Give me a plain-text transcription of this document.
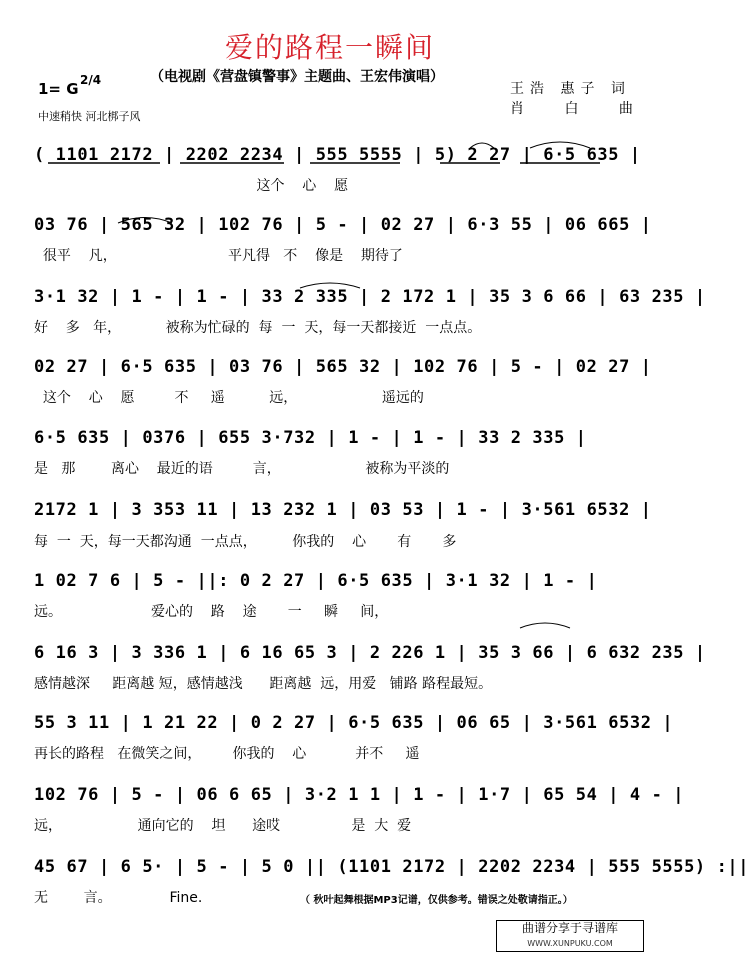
爱的路程一瞬间
（电视剧《营盘镇警事》主题曲、王宏伟演唱）
王浩 惠子 词
肖 白 曲
1= G 2/4
中速稍快 河北梆子风
( 1101 2172 | 2202 2234 | 555 5555 | 5) 2 27 | 6·5 635 |
这个    心    愿
03 76 | 565 32 | 102 76 | 5 - | 02 27 | 6·3 55 | 06 665 |
很平    凡，                         平凡得   不    像是    期待了
3·1 32 | 1 - | 1 - | 33 2 335 | 2 172 1 | 35 3 6 66 | 63 235 |
好    多   年，          被称为忙碌的  每  一  天，每一天都接近  一点点。
02 27 | 6·5 635 | 03 76 | 565 32 | 102 76 | 5 - | 02 27 |
这个    心    愿         不     遥          远，                   遥远的
6·5 635 | 0376 | 655 3·732 | 1 - | 1 - | 33 2 335 |
是   那        离心    最近的语         言，                   被称为平淡的
2172 1 | 3 353 11 | 13 232 1 | 03 53 | 1 - | 3·561 6532 |
每  一  天，每一天都沟通  一点点，        你我的    心       有       多
1 02 7 6 | 5 - ||: 0 2 27 | 6·5 635 | 3·1 32 | 1 - |
远。                    爱心的    路    途       一     瞬     间，
6 16 3 | 3 336 1 | 6 16 65 3 | 2 226 1 | 35 3 66 | 6 632 235 |
感情越深     距离越 短，感情越浅      距离越  远，用爱   铺路 路程最短。
55 3 11 | 1 21 22 | 0 2 27 | 6·5 635 | 06 65 | 3·561 6532 |
再长的路程   在微笑之间，       你我的    心           并不     遥
102 76 | 5 - | 06 6 65 | 3·2 1 1 | 1 - | 1·7 | 65 54 | 4 - |
远，                 通向它的    坦      途哎                是  大  爱
45 67 | 6 5· | 5 - | 5 0 || (1101 2172 | 2202 2234 | 555 5555) :||
无        言。             Fine.	（ 秋叶起舞根据MP3记谱，仅供参考。错误之处敬请指正。）
曲谱分享于寻谱库
WWW.XUNPUKU.COM
